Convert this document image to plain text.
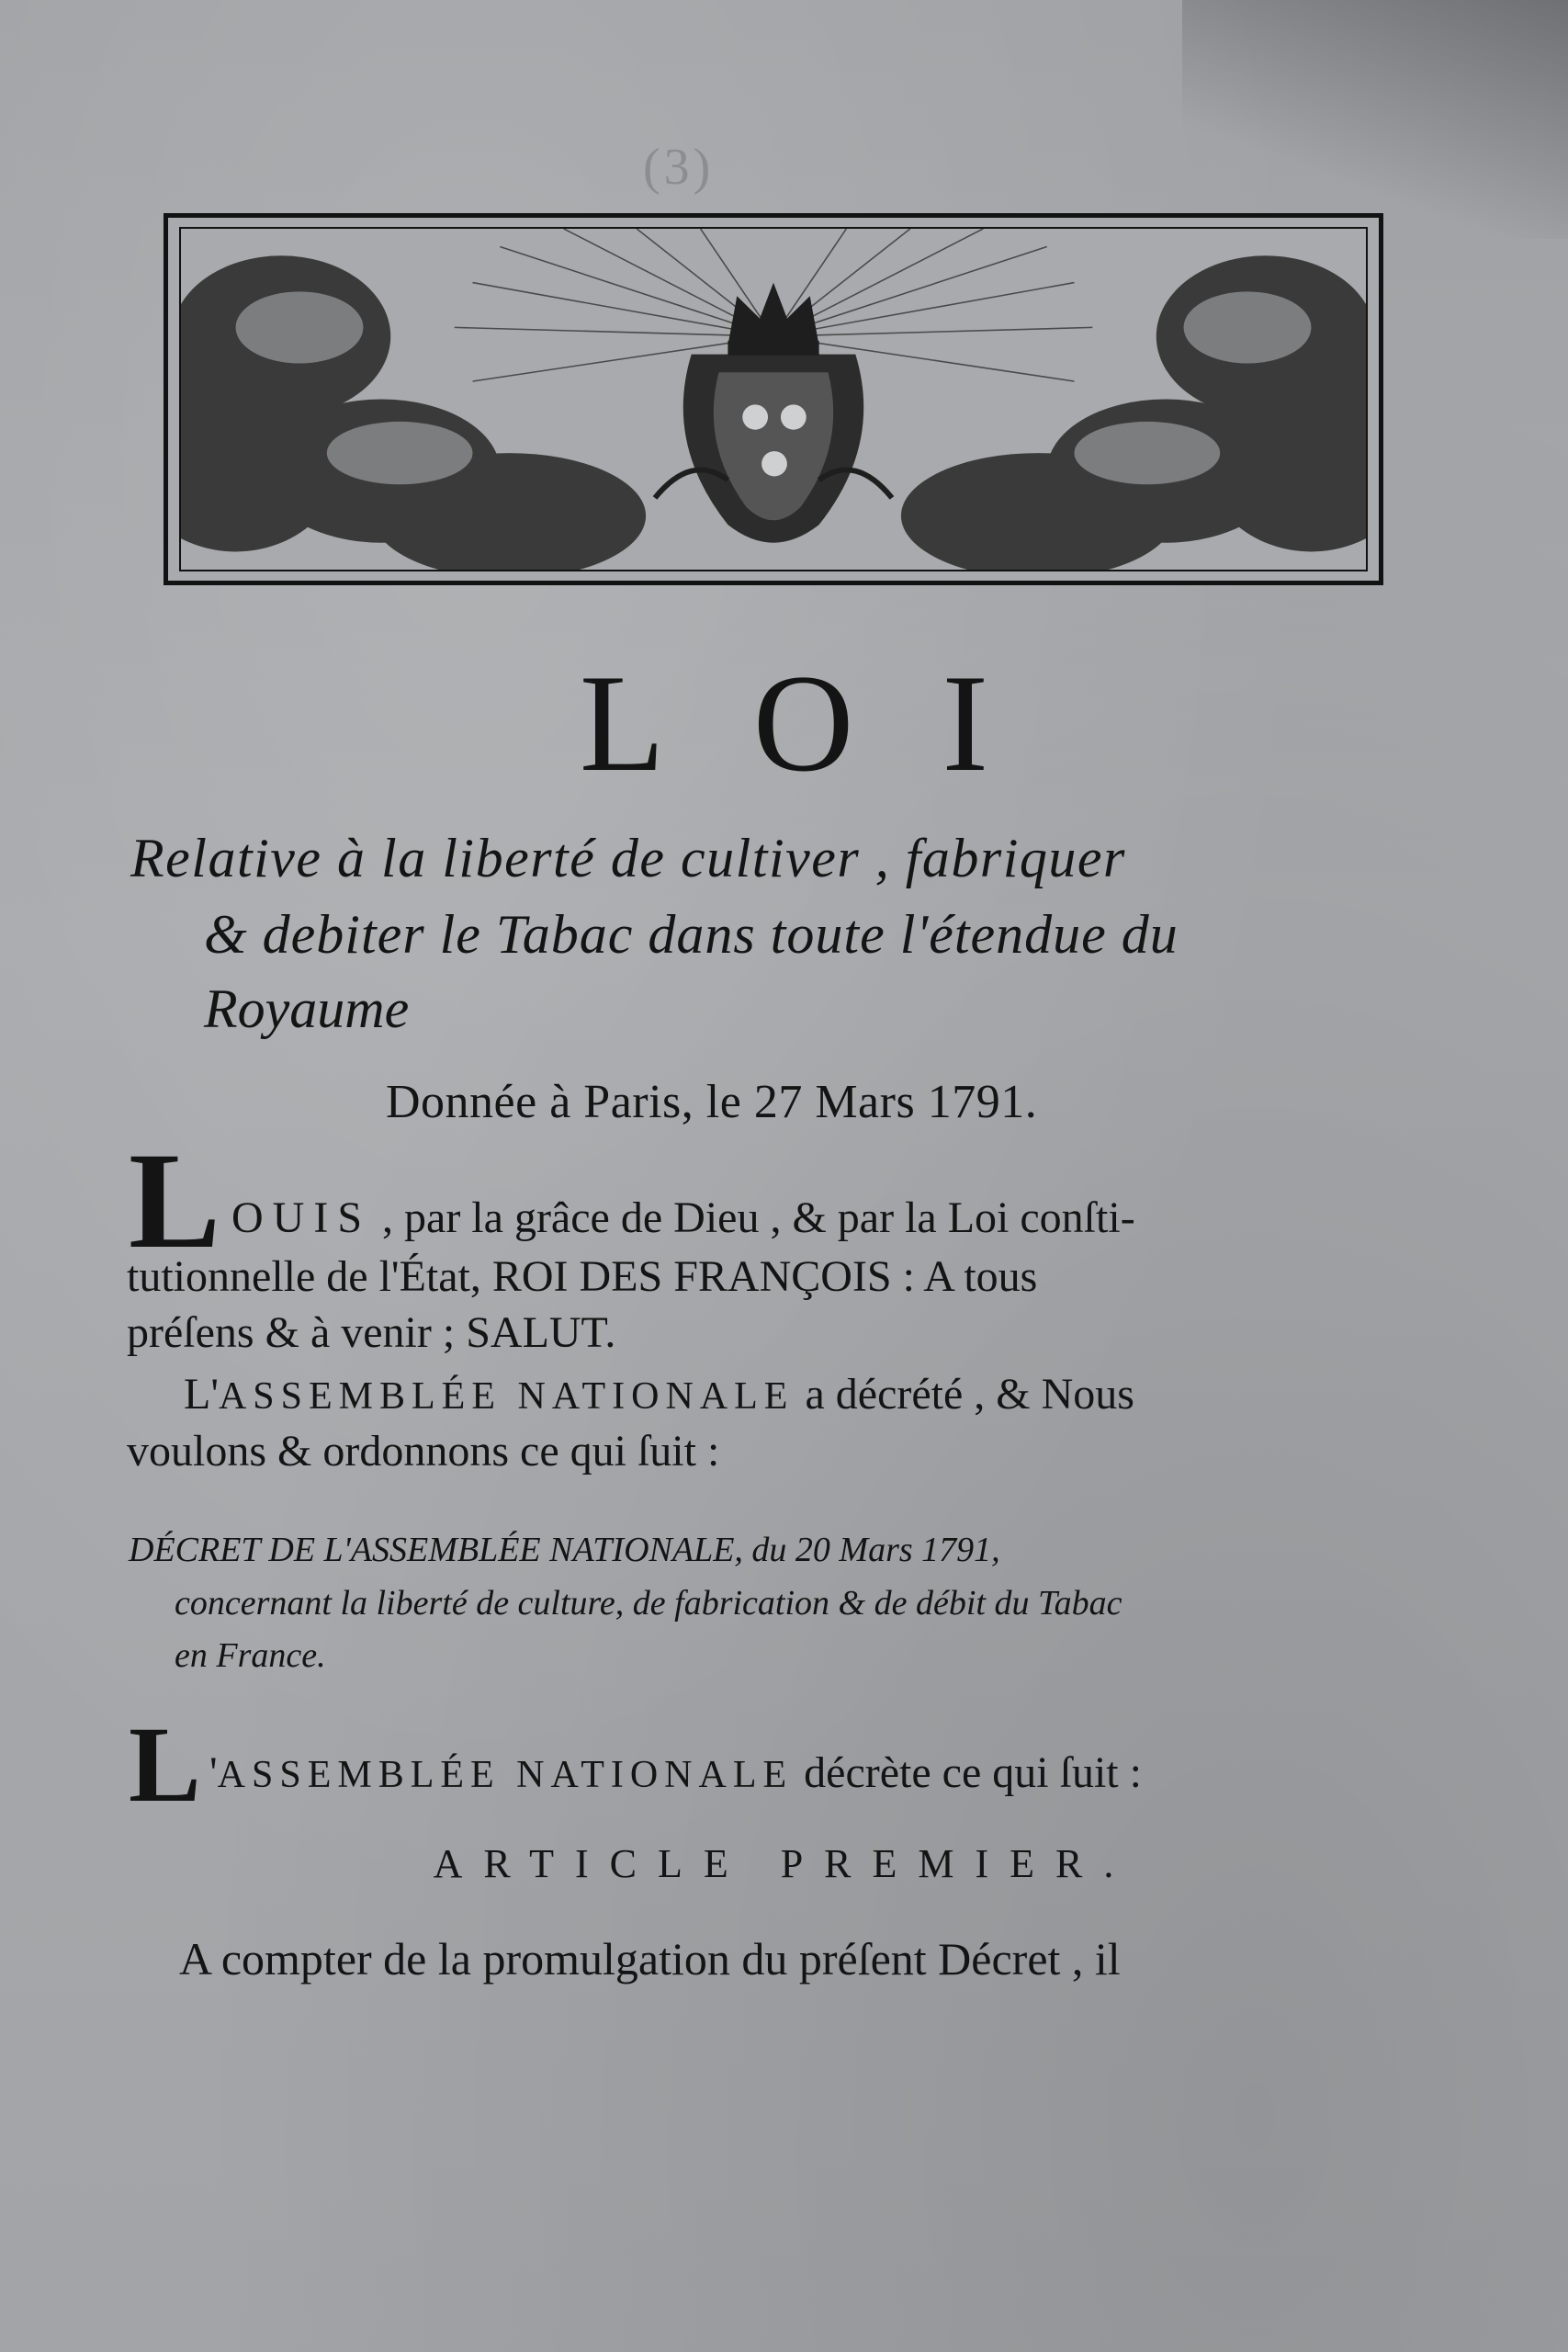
(3)

LOI
Relative à la liberté de cultiver , fabriquer
& debiter le Tabac dans toute l'étendue du
Royaume
Donnée à Paris, le 27 Mars 1791.
L OUIS , par la grâce de Dieu , & par la Loi conſti-
tutionnelle de l'État, ROI DES FRANÇOIS : A tous
préſens & à venir ; SALUT.
L'ASSEMBLÉE NATIONALE a décrété , & Nous
voulons & ordonnons ce qui ſuit :
DÉCRET DE L'ASSEMBLÉE NATIONALE, du 20 Mars 1791,
concernant la liberté de culture, de fabrication & de débit du Tabac
en France.
L 'ASSEMBLÉE NATIONALE décrète ce qui ſuit :
ARTICLE PREMIER.
A compter de la promulgation du préſent Décret , il
